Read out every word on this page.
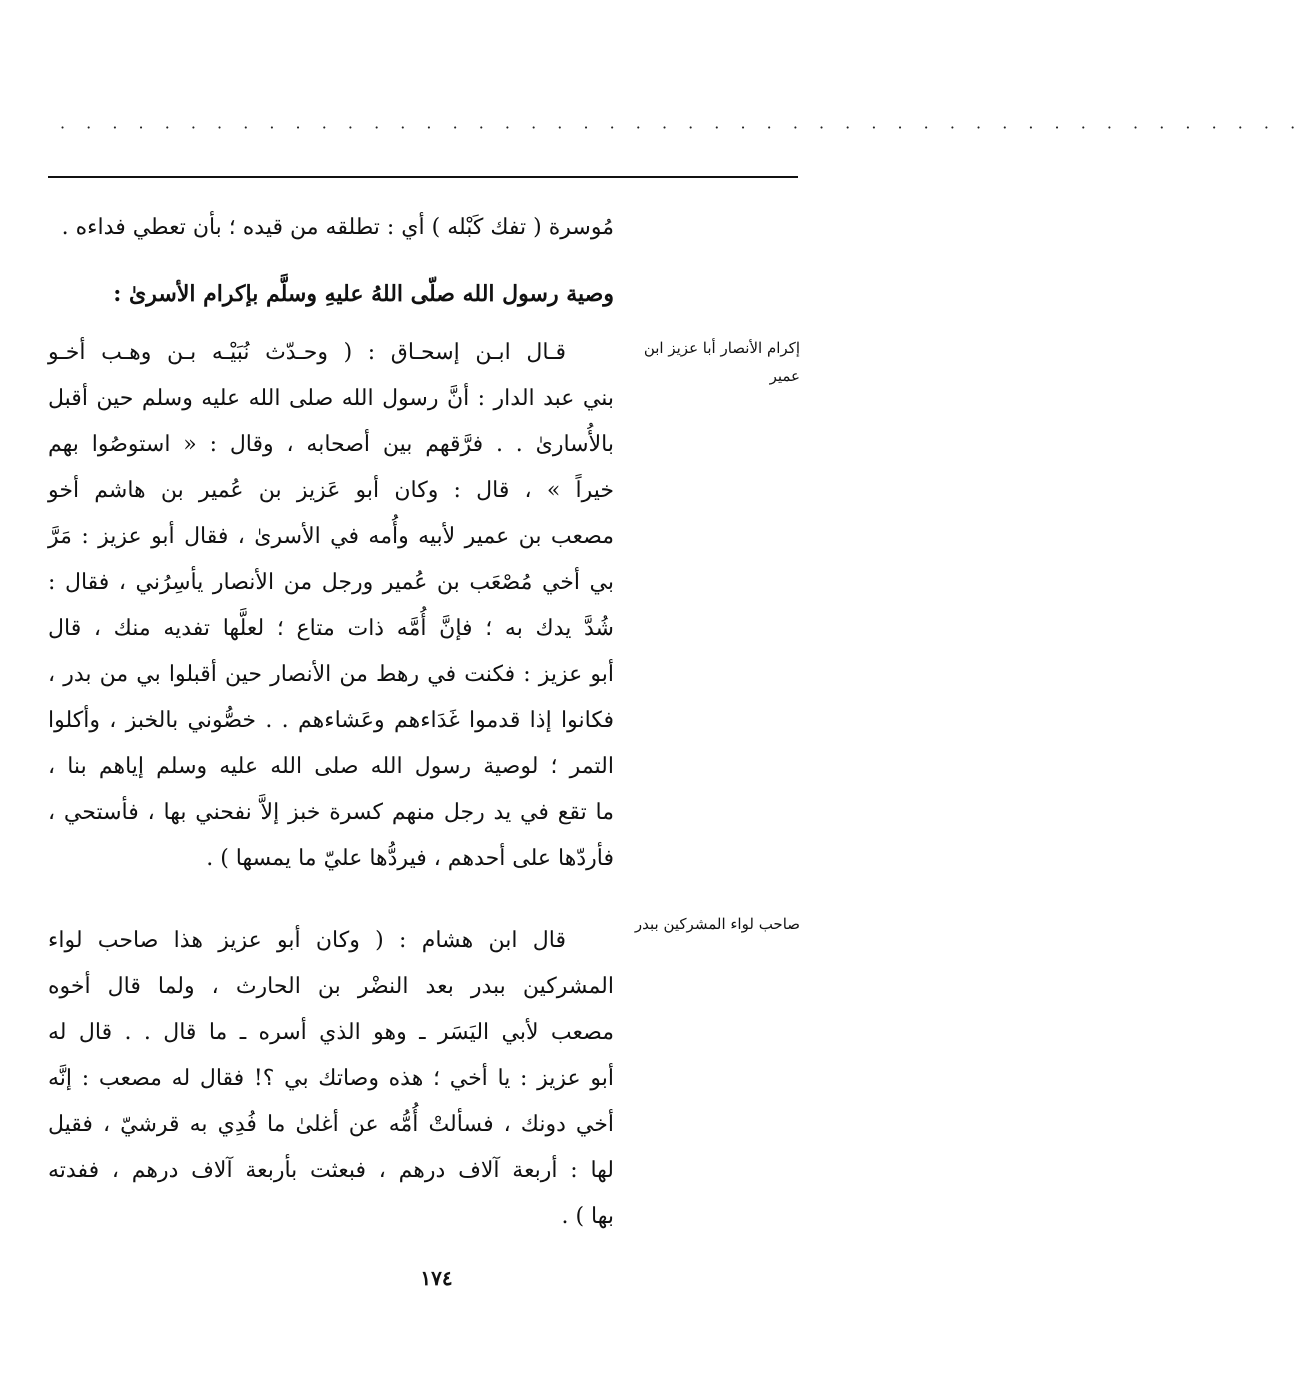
· · · · · · · · · · · · · · · · · · · · · · · · · · · · · · · · · · · · · · · · · · · · · · · ·
مُوسرة ( تفك كَبْله ) أي : تطلقه من قيده ؛ بأن تعطي فداءه .
وصية رسول الله صلّى اللهُ عليهِ وسلَّم بإكرام الأسرىٰ :
إكرام الأنصار أبا عزيز ابن عمير
قـال ابـن إسحـاق : ( وحـدّث نُبَيْـه بـن وهـب أخـو
بني عبد الدار : أنَّ رسول الله صلى الله عليه وسلم حين أقبل
بالأُسارىٰ . . فرَّقهم بين أصحابه ، وقال : « استوصُوا بهم
خيراً » ، قال : وكان أبو عَزيز بن عُمير بن هاشم أخو
مصعب بن عمير لأبيه وأُمه في الأسرىٰ ، فقال أبو عزيز : مَرَّ
بي أخي مُصْعَب بن عُمير ورجل من الأنصار يأسِرُني ، فقال :
شُدَّ يدك به ؛ فإنَّ أُمَّه ذات متاع ؛ لعلَّها تفديه منك ، قال
أبو عزيز : فكنت في رهط من الأنصار حين أقبلوا بي من بدر ،
فكانوا إذا قدموا غَدَاءهم وعَشاءهم . . خصُّوني بالخبز ، وأكلوا
التمر ؛ لوصية رسول الله صلى الله عليه وسلم إياهم بنا ،
ما تقع في يد رجل منهم كسرة خبز إلاَّ نفحني بها ، فأستحي ،
فأردّها على أحدهم ، فيردُّها عليّ ما يمسها ) .
صاحب لواء المشركين ببدر
قال ابن هشام : ( وكان أبو عزيز هذا صاحب لواء
المشركين ببدر بعد النضْر بن الحارث ، ولما قال أخوه
مصعب لأبي اليَسَر ـ وهو الذي أسره ـ ما قال . . قال له
أبو عزيز : يا أخي ؛ هذه وصاتك بي ؟! فقال له مصعب : إنَّه
أخي دونك ، فسألتْ أُمُّه عن أغلىٰ ما فُدِي به قرشيّ ، فقيل
لها : أربعة آلاف درهم ، فبعثت بأربعة آلاف درهم ، ففدته
بها ) .
١٧٤
